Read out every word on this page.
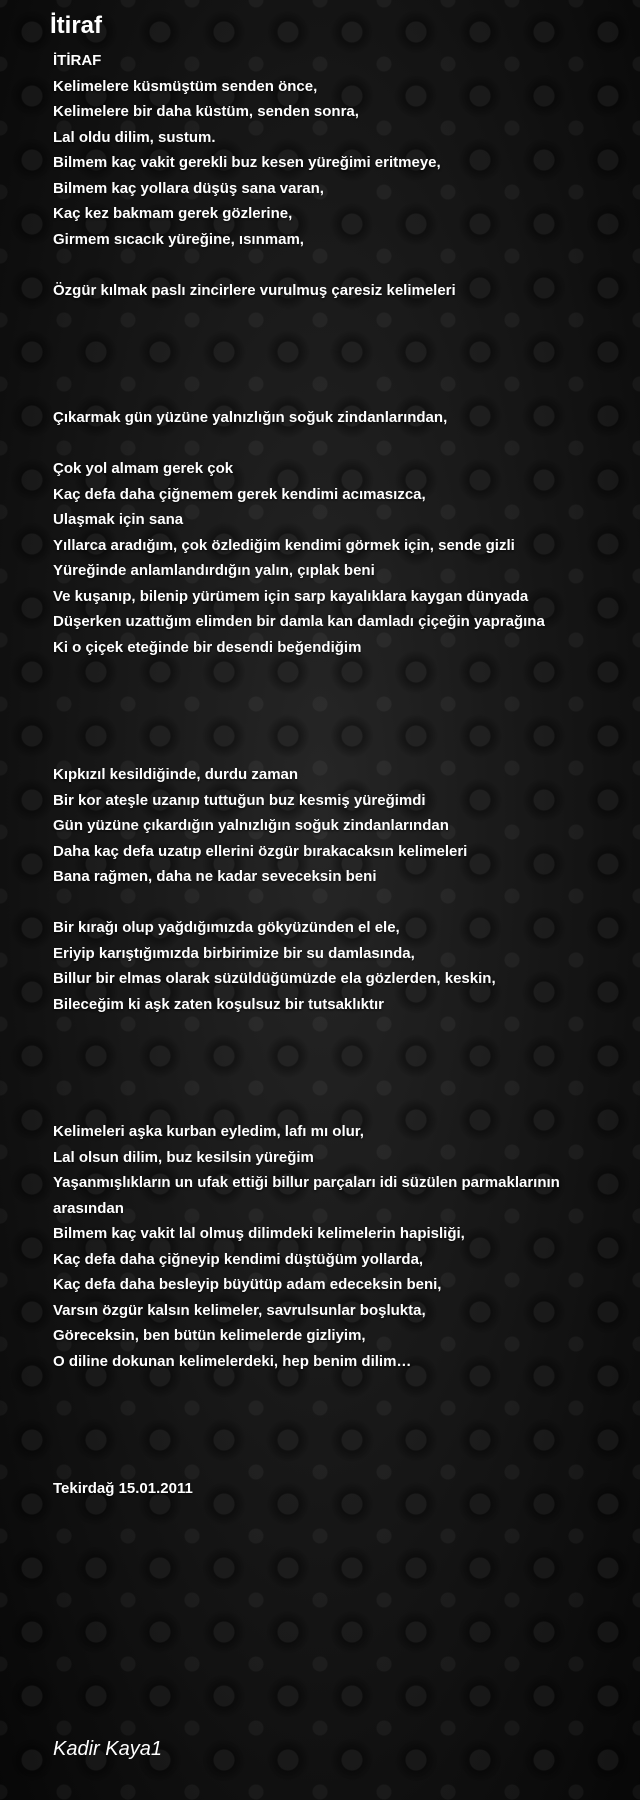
İtiraf
İTİRAF
Kelimelere küsmüştüm senden önce,
Kelimelere bir daha küstüm, senden sonra,
Lal oldu dilim, sustum.
Bilmem kaç vakit gerekli buz kesen yüreğimi eritmeye,
Bilmem kaç yollara düşüş sana varan,
Kaç kez bakmam gerek gözlerine,
Girmem sıcacık yüreğine, ısınmam,

Özgür kılmak paslı zincirlere vurulmuş çaresiz kelimeleri

Çıkarmak gün yüzüne yalnızlığın soğuk zindanlarından,

Çok yol almam gerek çok
Kaç defa daha çiğnemem gerek kendimi acımasızca,
Ulaşmak için sana
Yıllarca aradığım, çok özlediğim kendimi görmek için, sende gizli
Yüreğinde anlamlandırdığın yalın, çıplak beni
Ve kuşanıp, bilenip yürümem için sarp kayalıklara kaygan dünyada
Düşerken uzattığım elimden bir damla kan damladı çiçeğin yaprağına
Ki o çiçek eteğinde bir desendi beğendiğim

Kıpkızıl kesildiğinde, durdu zaman
Bir kor ateşle uzanıp tuttuğun buz kesmiş yüreğimdi
Gün yüzüne çıkardığın yalnızlığın soğuk zindanlarından
Daha kaç defa uzatıp ellerini özgür bırakacaksın kelimeleri
Bana rağmen, daha ne kadar seveceksin beni

Bir kırağı olup yağdığımızda gökyüzünden el ele,
Eriyip karıştığımızda birbirimize bir su damlasında,
Billur bir elmas olarak süzüldüğümüzde ela gözlerden, keskin,
Bileceğim ki aşk zaten koşulsuz bir tutsaklıktır

Kelimeleri aşka kurban eyledim, lafı mı olur,
Lal olsun dilim, buz kesilsin yüreğim
Yaşanmışlıkların un ufak ettiği billur parçaları idi süzülen parmaklarının arasından
Bilmem kaç vakit lal olmuş dilimdeki kelimelerin hapisliği,
Kaç defa daha çiğneyip kendimi düştüğüm yollarda,
Kaç defa daha besleyip büyütüp adam edeceksin beni,
Varsın özgür kalsın kelimeler, savrulsunlar boşlukta,
Göreceksin, ben bütün kelimelerde gizliyim,
O diline dokunan kelimelerdeki, hep benim dilim…

Tekirdağ 15.01.2011
Kadir Kaya1
